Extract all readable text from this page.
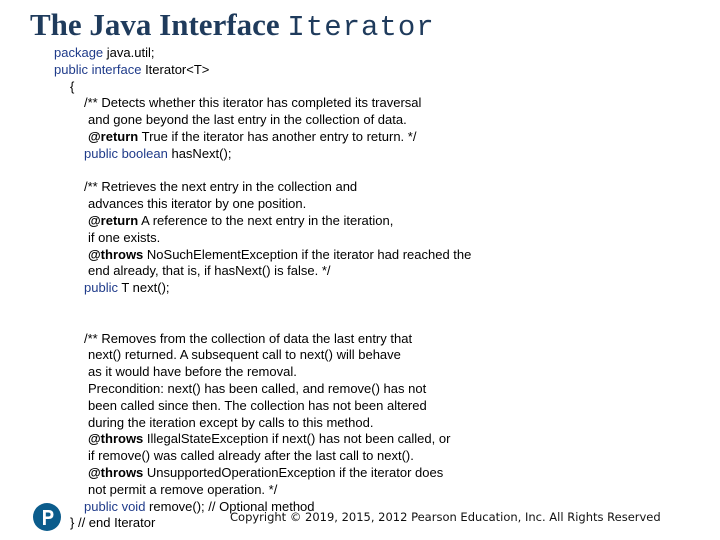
The Java Interface Iterator
package java.util;
public interface Iterator<T>
{
/** Detects whether this iterator has completed its traversal
and gone beyond the last entry in the collection of data.
@return True if the iterator has another entry to return. */
public boolean hasNext();
/** Retrieves the next entry in the collection and
advances this iterator by one position.
@return A reference to the next entry in the iteration,
if one exists.
@throws NoSuchElementException if the iterator had reached the
end already, that is, if hasNext() is false. */
public T next();
/** Removes from the collection of data the last entry that
next() returned. A subsequent call to next() will behave
as it would have before the removal.
Precondition: next() has been called, and remove() has not
been called since then. The collection has not been altered
during the iteration except by calls to this method.
@throws IllegalStateException if next() has not been called, or
if remove() was called already after the last call to next().
@throws UnsupportedOperationException if the iterator does
not permit a remove operation. */
public void remove(); // Optional method
} // end Iterator	Copyright © 2019, 2015, 2012 Pearson Education, Inc. All Rights Reserved
